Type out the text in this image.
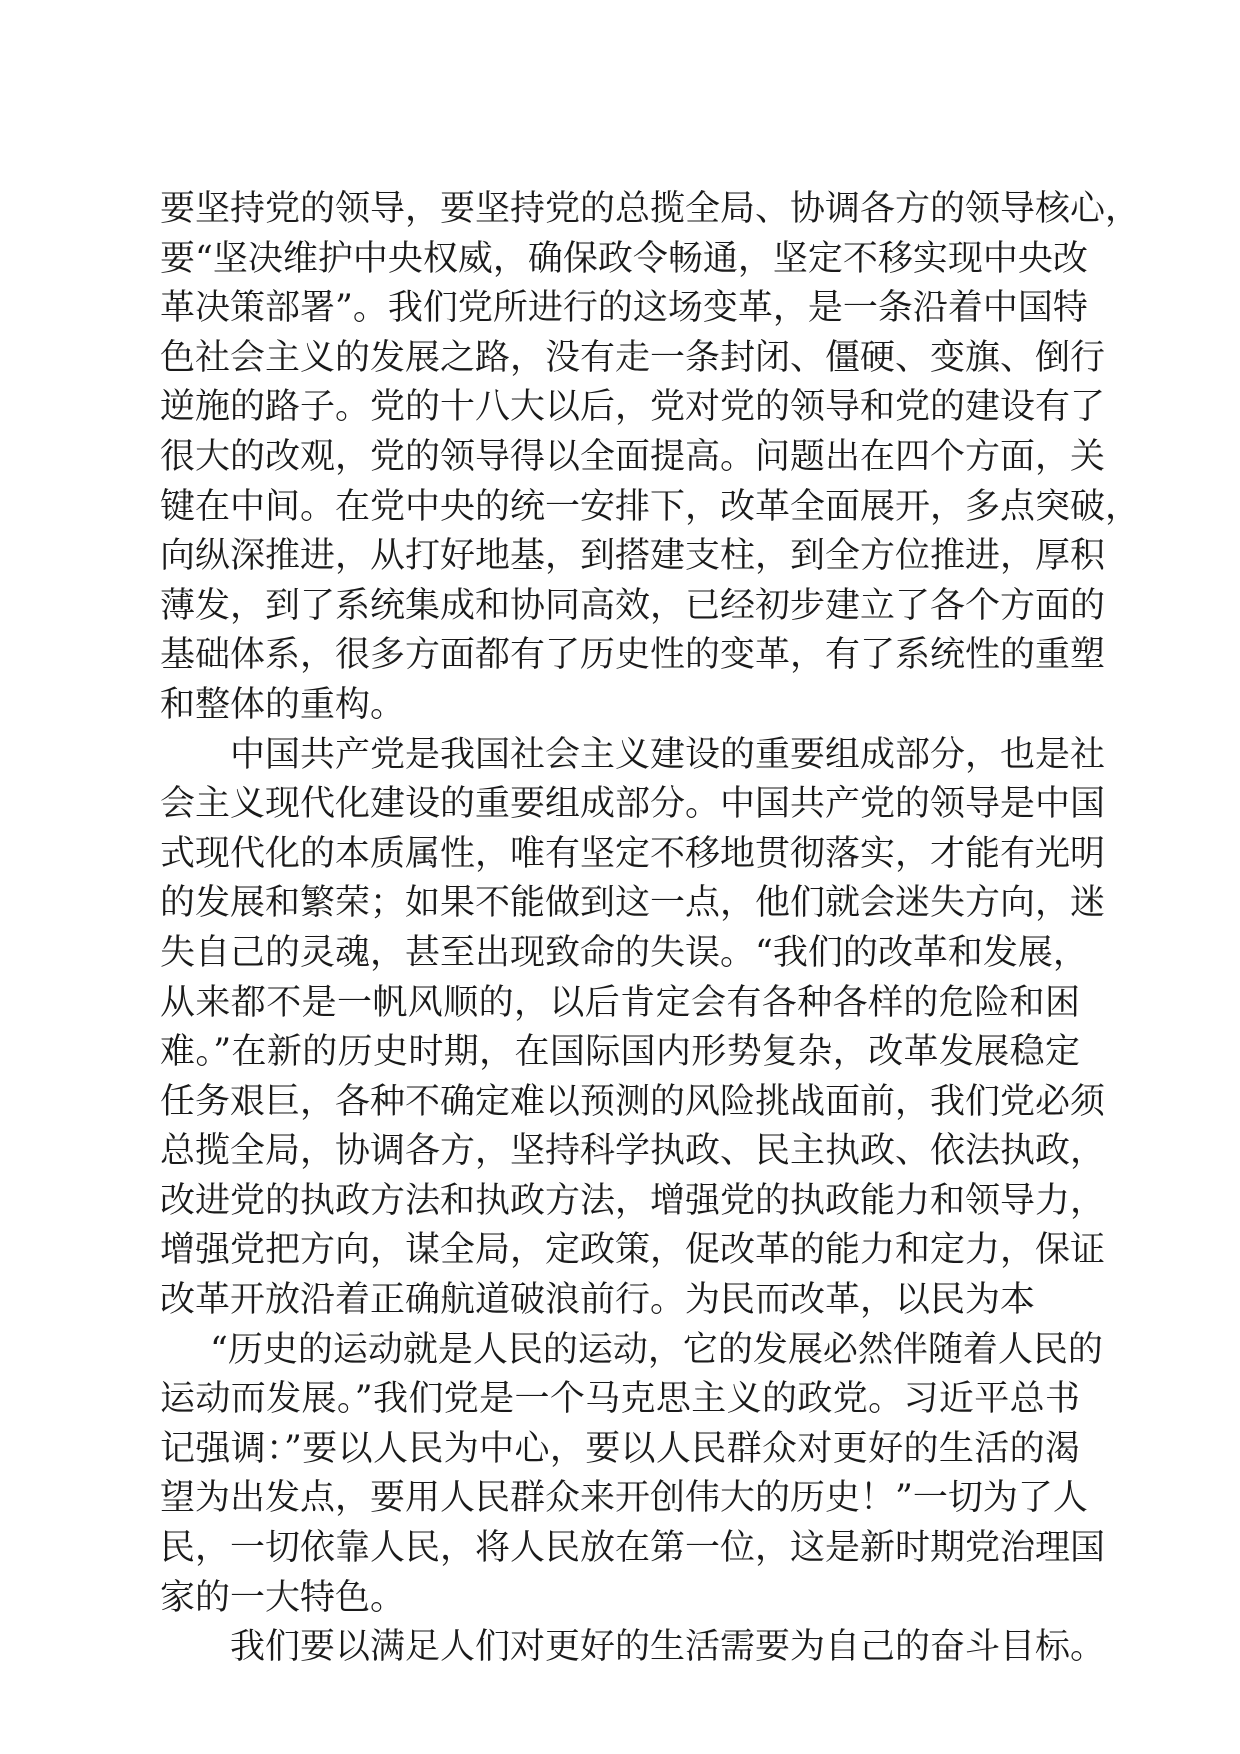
要坚持党的领导，要坚持党的总揽全局、协调各方的领导核心，
要“坚决维护中央权威，确保政令畅通，坚定不移实现中央改
革决策部署”。我们党所进行的这场变革，是一条沿着中国特
色社会主义的发展之路，没有走一条封闭、僵硬、变旗、倒行
逆施的路子。党的十八大以后，党对党的领导和党的建设有了
很大的改观，党的领导得以全面提高。问题出在四个方面，关
键在中间。在党中央的统一安排下，改革全面展开，多点突破，
向纵深推进，从打好地基，到搭建支柱，到全方位推进，厚积
薄发，到了系统集成和协同高效，已经初步建立了各个方面的
基础体系，很多方面都有了历史性的变革，有了系统性的重塑
和整体的重构。
中国共产党是我国社会主义建设的重要组成部分，也是社
会主义现代化建设的重要组成部分。中国共产党的领导是中国
式现代化的本质属性，唯有坚定不移地贯彻落实，才能有光明
的发展和繁荣；如果不能做到这一点，他们就会迷失方向，迷
失自己的灵魂，甚至出现致命的失误。“我们的改革和发展，
从来都不是一帆风顺的，以后肯定会有各种各样的危险和困
难。”在新的历史时期，在国际国内形势复杂，改革发展稳定
任务艰巨，各种不确定难以预测的风险挑战面前，我们党必须
总揽全局，协调各方，坚持科学执政、民主执政、依法执政，
改进党的执政方法和执政方法，增强党的执政能力和领导力，
增强党把方向，谋全局，定政策，促改革的能力和定力，保证
改革开放沿着正确航道破浪前行。为民而改革，以民为本
“历史的运动就是人民的运动，它的发展必然伴随着人民的
运动而发展。”我们党是一个马克思主义的政党。习近平总书
记强调：”要以人民为中心，要以人民群众对更好的生活的渴
望为出发点，要用人民群众来开创伟大的历史！”一切为了人
民，一切依靠人民，将人民放在第一位，这是新时期党治理国
家的一大特色。
我们要以满足人们对更好的生活需要为自己的奋斗目标。
